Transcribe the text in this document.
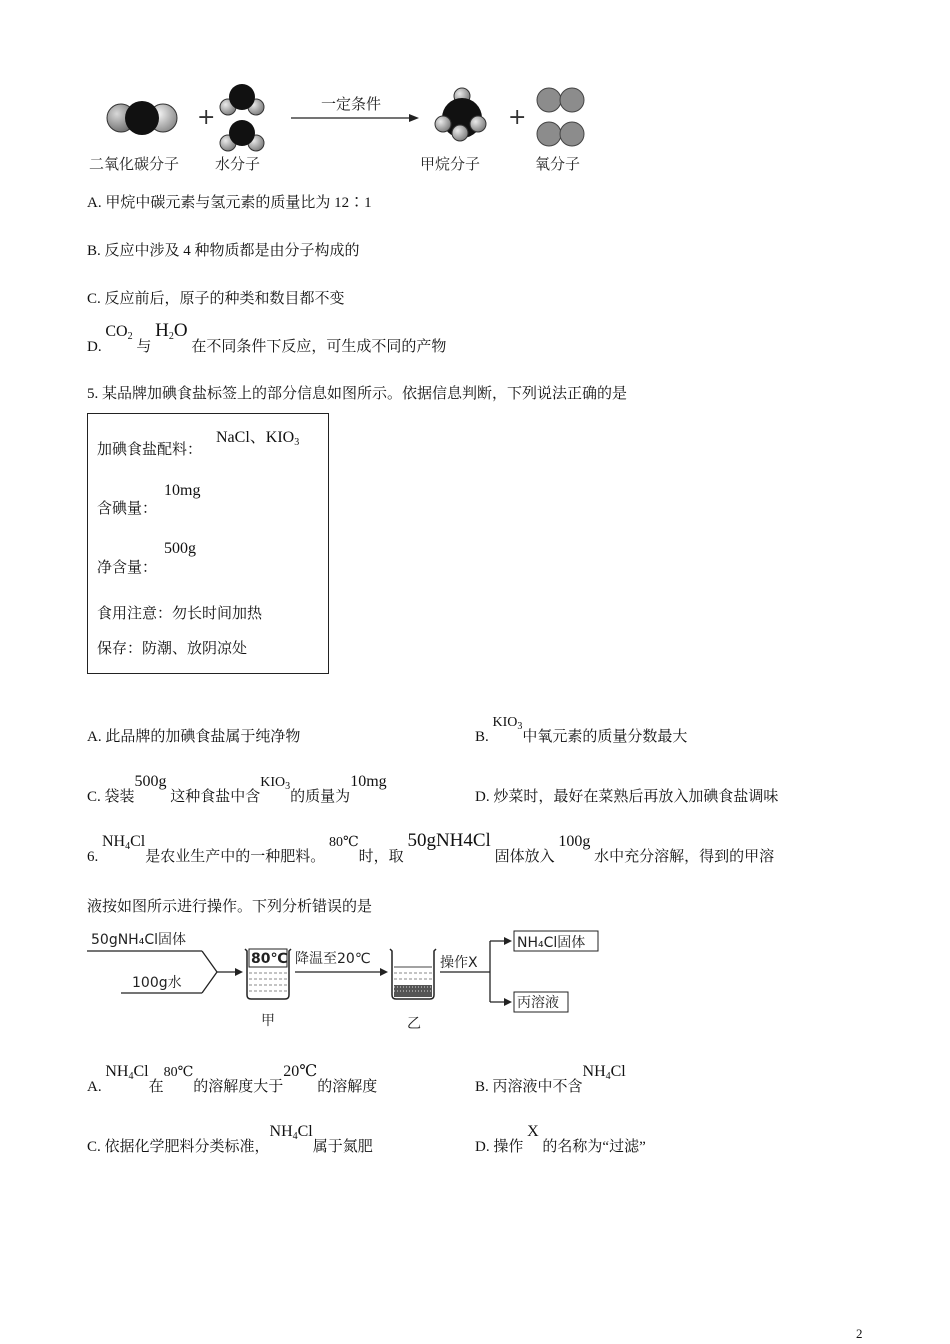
+
一定条件
+
二氧化碳分子 水分子	甲烷分子	氧分子
A. 甲烷中碳元素与氢元素的质量比为 12∶1
B. 反应中涉及 4 种物质都是由分子构成的
C. 反应前后，原子的种类和数目都不变
D. $CO_2$ 与 $H_2O$ 在不同条件下反应，可生成不同的产物
5. 某品牌加碘食盐标签上的部分信息如图所示。依据信息判断，下列说法正确的是
加碘食盐配料：
NaCl、$KIO_3$
含碘量：
10mg
净含量：
500g
食用注意：勿长时间加热
保存：防潮、放阴凉处
A. 此品牌的加碘食盐属于纯净物	B. $KIO_3$中氧元素的质量分数最大
C. 袋装500g 这种食盐中含$KIO_3$的质量为10mg
D. 炒菜时，最好在菜熟后再放入加碘食盐调味
6. $NH_4Cl$是农业生产中的一种肥料。 80℃时，取 50gNH4Cl 固体放入 100g 水中充分溶解，得到的甲溶
液按如图所示进行操作。下列分析错误的是
50gNH₄Cl固体
100g水
80℃ 降温至20℃	操作X
NH₄Cl固体
丙溶液
甲	乙
A. $NH_4Cl$在80℃的溶解度大于20℃的溶解度	B. 丙溶液中不含$NH_4Cl$
C. 依据化学肥料分类标准，$NH_4Cl$属于氮肥	D. 操作 X 的名称为“过滤”
2
